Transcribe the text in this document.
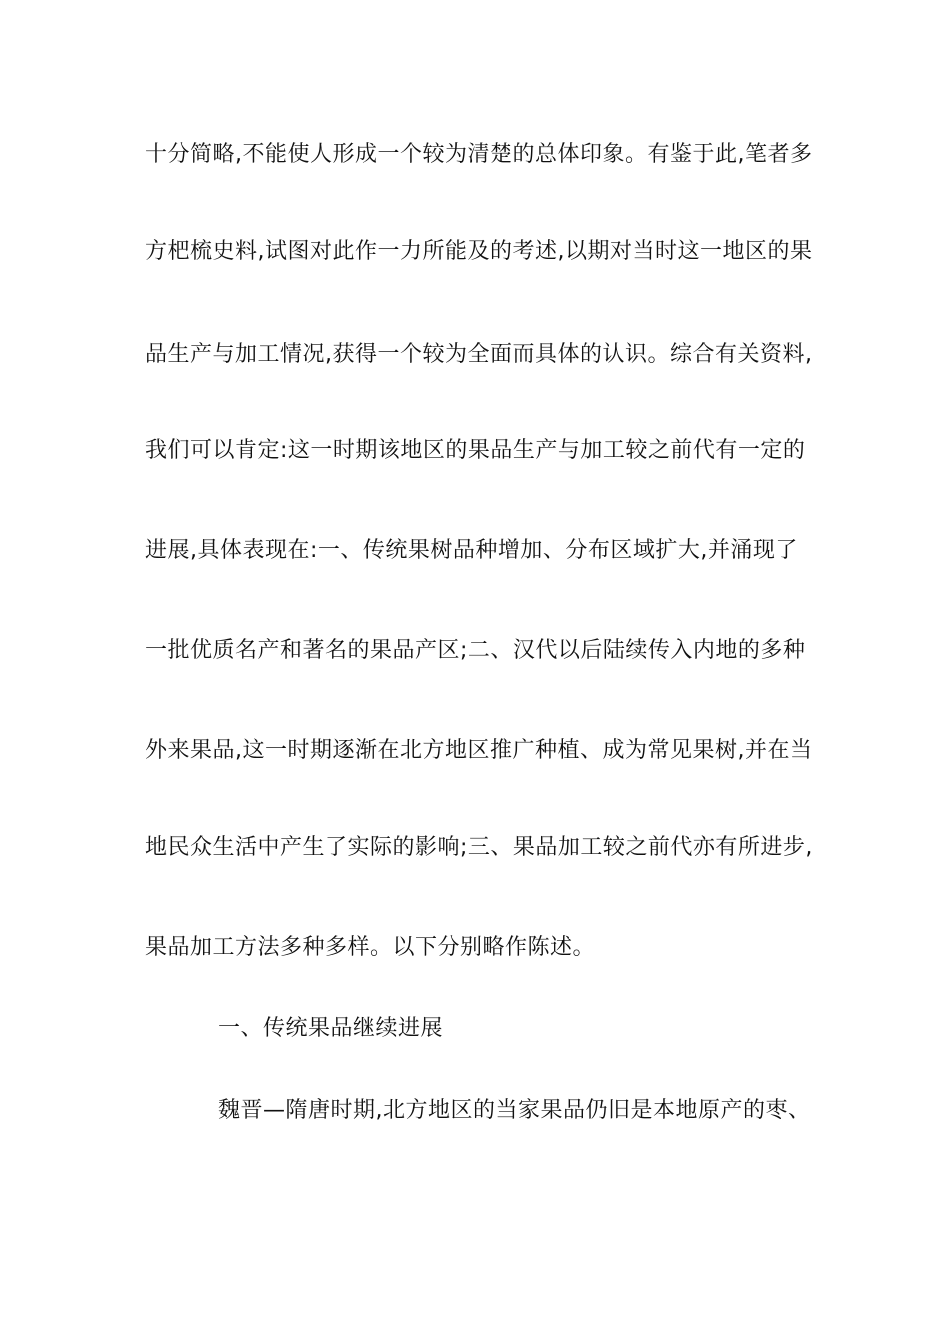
十分简略,不能使人形成一个较为清楚的总体印象。有鉴于此,笔者多
方杷梳史料,试图对此作一力所能及的考述,以期对当时这一地区的果
品生产与加工情况,获得一个较为全面而具体的认识。综合有关资料,
我们可以肯定:这一时期该地区的果品生产与加工较之前代有一定的
进展,具体表现在:一、传统果树品种增加、分布区域扩大,并涌现了
一批优质名产和著名的果品产区;二、汉代以后陆续传入内地的多种
外来果品,这一时期逐渐在北方地区推广种植、成为常见果树,并在当
地民众生活中产生了实际的影响;三、果品加工较之前代亦有所进步,
果品加工方法多种多样。以下分别略作陈述。
一、传统果品继续进展
魏晋—隋唐时期,北方地区的当家果品仍旧是本地原产的枣、
